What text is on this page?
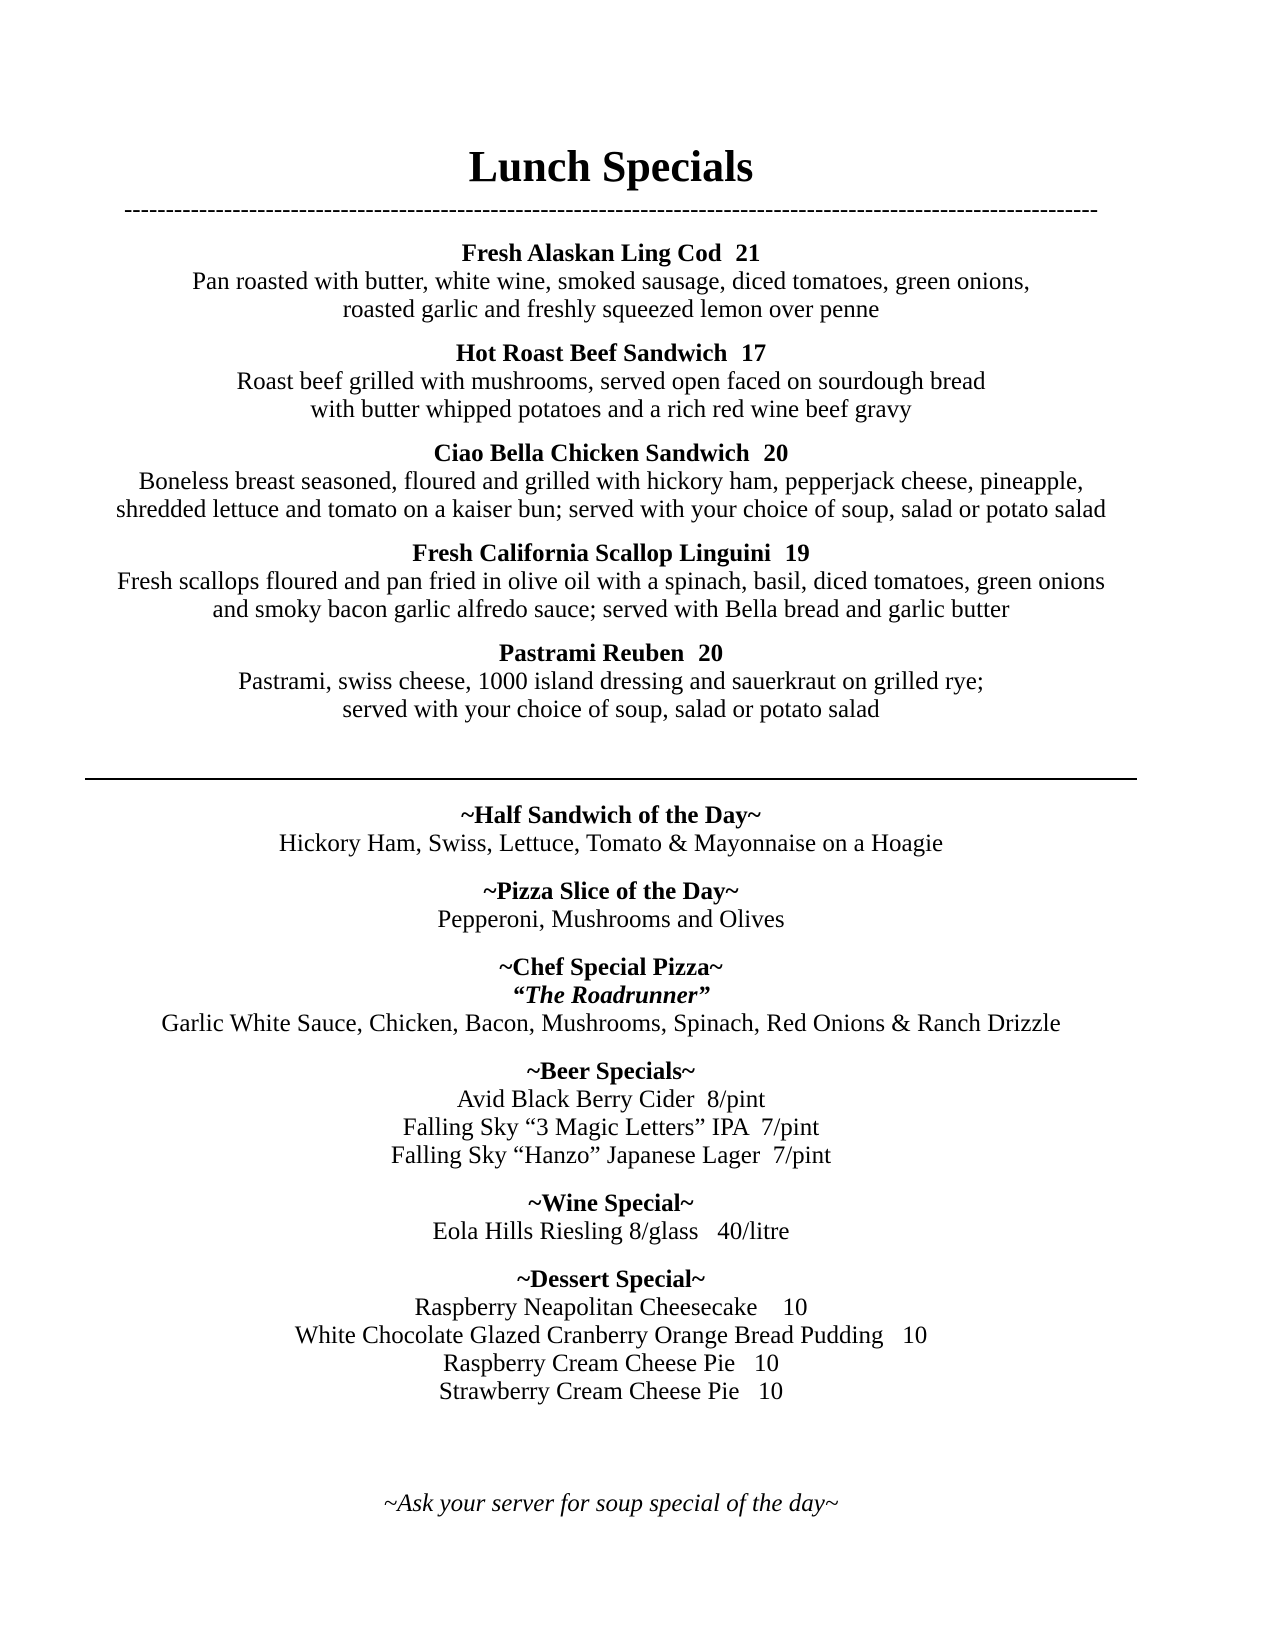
Lunch Specials
---------------------------------------------------------------------------------------------------------------------
Fresh Alaskan Ling Cod 21
Pan roasted with butter, white wine, smoked sausage, diced tomatoes, green onions,
roasted garlic and freshly squeezed lemon over penne
Hot Roast Beef Sandwich 17
Roast beef grilled with mushrooms, served open faced on sourdough bread
with butter whipped potatoes and a rich red wine beef gravy
Ciao Bella Chicken Sandwich 20
Boneless breast seasoned, floured and grilled with hickory ham, pepperjack cheese, pineapple,
shredded lettuce and tomato on a kaiser bun; served with your choice of soup, salad or potato salad
Fresh California Scallop Linguini 19
Fresh scallops floured and pan fried in olive oil with a spinach, basil, diced tomatoes, green onions
and smoky bacon garlic alfredo sauce; served with Bella bread and garlic butter
Pastrami Reuben 20
Pastrami, swiss cheese, 1000 island dressing and sauerkraut on grilled rye;
served with your choice of soup, salad or potato salad
~Half Sandwich of the Day~
Hickory Ham, Swiss, Lettuce, Tomato & Mayonnaise on a Hoagie
~Pizza Slice of the Day~
Pepperoni, Mushrooms and Olives
~Chef Special Pizza~
“The Roadrunner”
Garlic White Sauce, Chicken, Bacon, Mushrooms, Spinach, Red Onions & Ranch Drizzle
~Beer Specials~
Avid Black Berry Cider  8/pint
Falling Sky “3 Magic Letters” IPA  7/pint
Falling Sky “Hanzo” Japanese Lager  7/pint
~Wine Special~
Eola Hills Riesling 8/glass   40/litre
~Dessert Special~
Raspberry Neapolitan Cheesecake    10
White Chocolate Glazed Cranberry Orange Bread Pudding   10
Raspberry Cream Cheese Pie   10
Strawberry Cream Cheese Pie   10
~Ask your server for soup special of the day~
